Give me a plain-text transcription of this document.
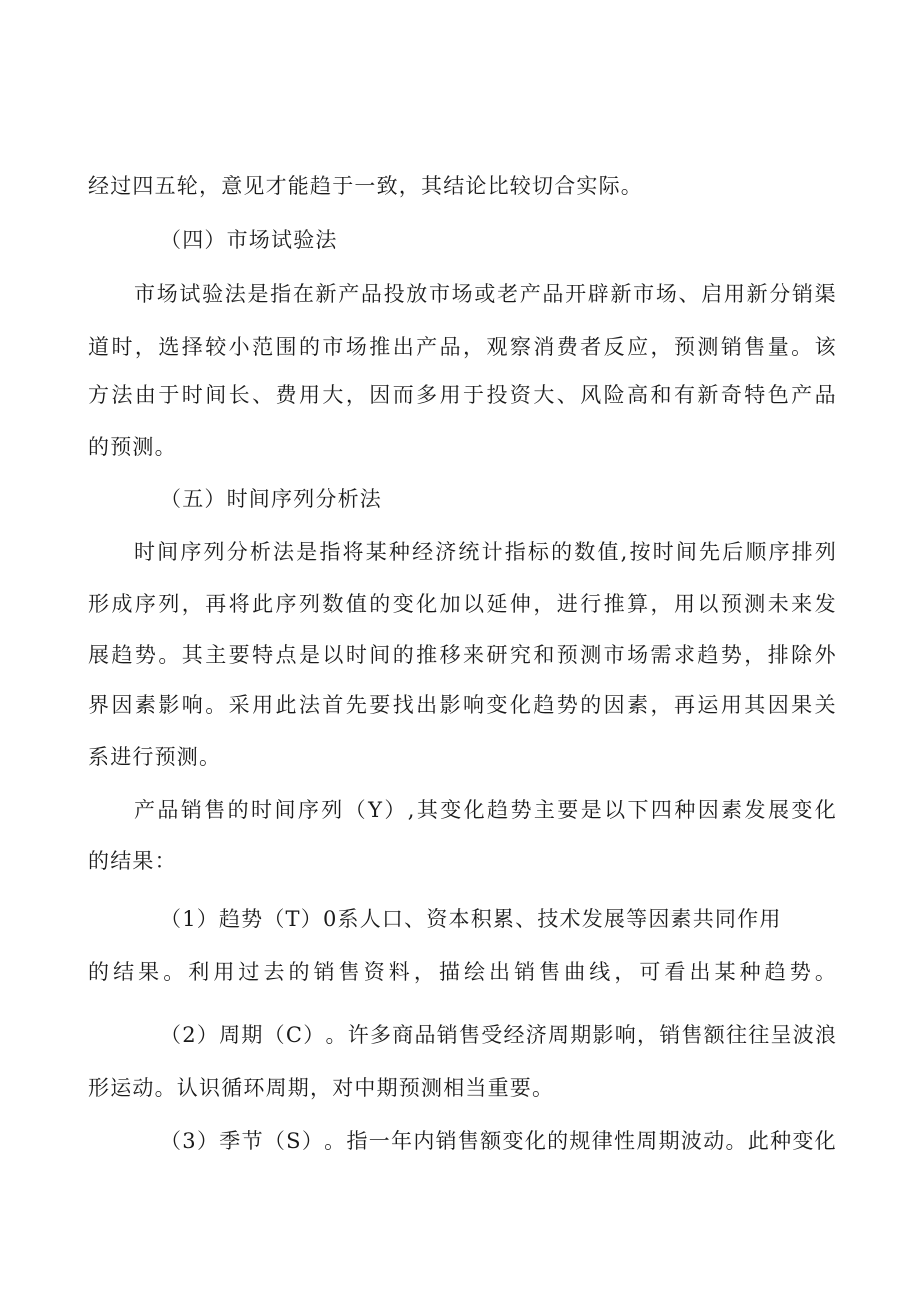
经过四五轮，意见才能趋于一致，其结论比较切合实际。
（四）市场试验法
市 场 试 验 法 是 指 在 新 产 品 投 放 市 场 或 老 产 品 开 辟 新 市 场 、 启 用 新 分 销 渠
道 时 ， 选 择 较 小 范 围 的 市 场 推 出 产 品 ， 观 察 消 费 者 反 应 ， 预 测 销 售 量 。 该
方 法 由 于 时 间 长 、 费 用 大 ， 因 而 多 用 于 投 资 大 、 风 险 高 和 有 新 奇 特 色 产 品
的预测。
（五）时间序列分析法
时 间 序 列 分 析 法 是 指 将 某 种 经 济 统 计 指 标 的 数 值 , 按 时 间 先 后 顺 序 排 列
形 成 序 列 ， 再 将 此 序 列 数 值 的 变 化 加 以 延 伸 ， 进 行 推 算 ， 用 以 预 测 未 来 发
展 趋 势 。 其 主 要 特 点 是 以 时 间 的 推 移 来 研 究 和 预 测 市 场 需 求 趋 势 ， 排 除 外
界 因 素 影 响 。 采 用 此 法 首 先 要 找 出 影 响 变 化 趋 势 的 因 素 ， 再 运 用 其 因 果 关
系进行预测。
产 品 销 售 的 时 间 序 列 （ Y ） , 其 变 化 趋 势 主 要 是 以 下 四 种 因 素 发 展 变 化
的结果：
（1）趋势（T）0系人口、资本积累、技术发展等因素共同作用
的 结 果 。 利 用 过 去 的 销 售 资 料 ， 描 绘 出 销 售 曲 线 ， 可 看 出 某 种 趋 势 。
（ 2 ） 周 期 （ C ） 。 许 多 商 品 销 售 受 经 济 周 期 影 响 ， 销 售 额 往 往 呈 波 浪
形运动。认识循环周期，对中期预测相当重要。
（ 3 ） 季 节 （ S ） 。 指 一 年 内 销 售 额 变 化 的 规 律 性 周 期 波 动 。 此 种 变 化
